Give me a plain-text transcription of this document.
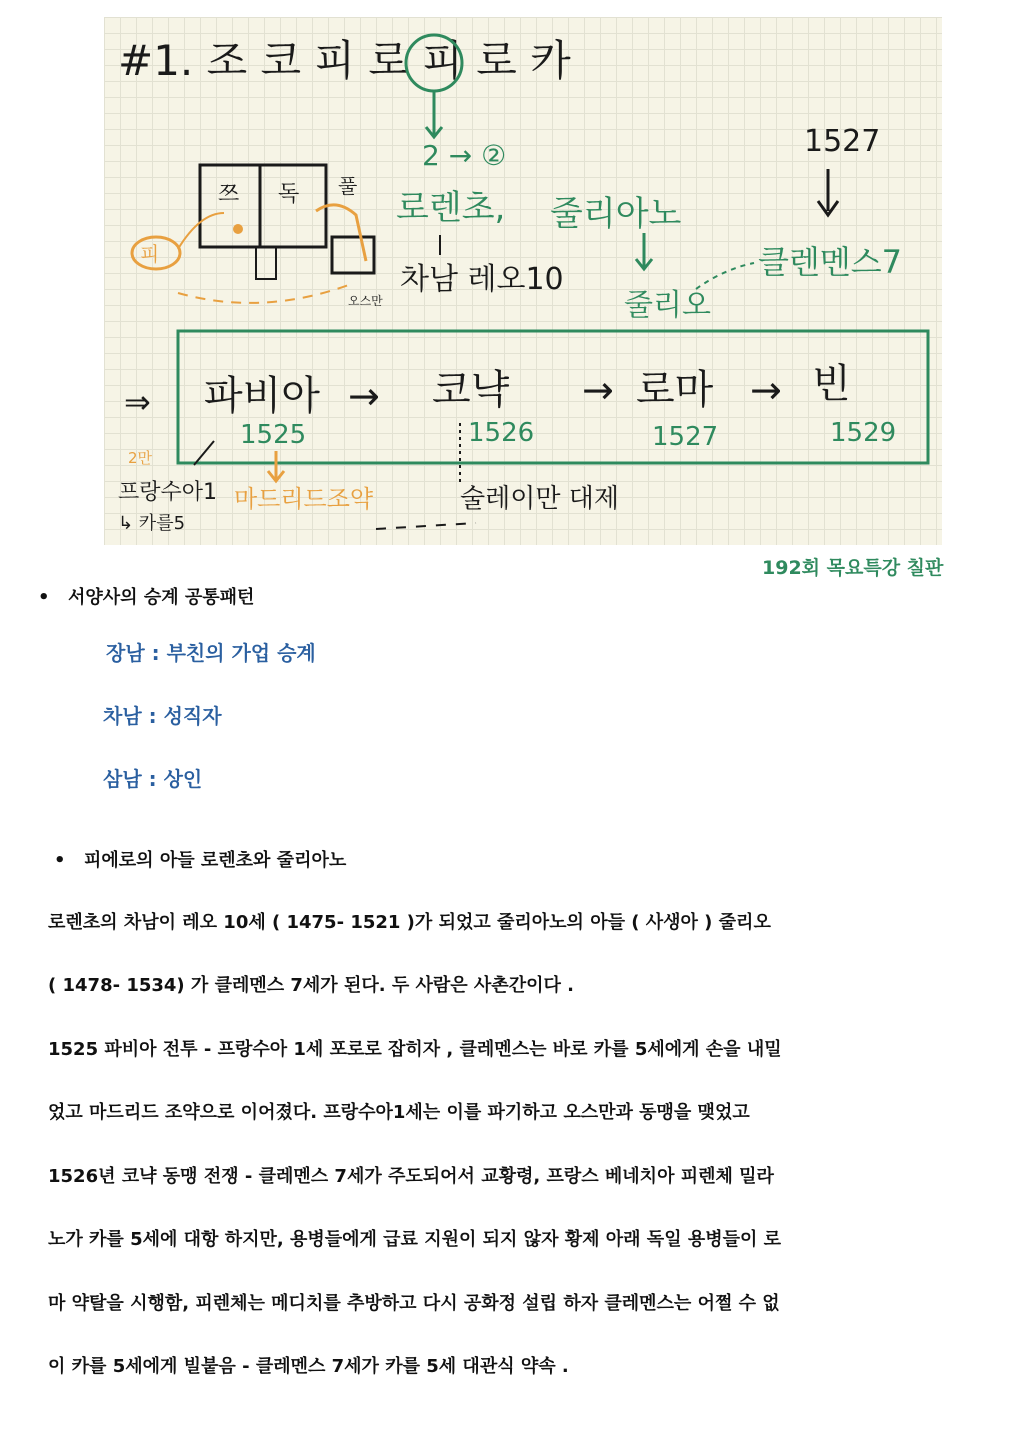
#1. 조 코 피 로 피 로 카
2 → ②
로렌초, 줄리아노
차남 레오10
줄리오
1527
클렌멘스7
쯔 독 풀
오스만
피
⇒ 파비아
1525
→ 코냑
1526
→ 로마
1527
→ 빈
1529
2만
프랑수아1
↳ 카를5
마드리드조약	술레이만 대제
192회 목요특강 칠판
• 서양사의 승계 공통패턴
장남 : 부친의 가업 승계
차남 : 성직자
삼남 : 상인
• 피에로의 아들 로렌초와 줄리아노
로렌초의 차남이 레오 10세 ( 1475- 1521 )가 되었고 줄리아노의 아들 ( 사생아 ) 줄리오
( 1478- 1534) 가 클레멘스 7세가 된다. 두 사람은 사촌간이다 .
1525 파비아 전투 - 프랑수아 1세 포로로 잡히자 , 클레멘스는 바로 카를 5세에게 손을 내밀
었고 마드리드 조약으로 이어졌다. 프랑수아1세는 이를 파기하고 오스만과 동맹을 맺었고
1526년 코냑 동맹 전쟁 - 클레멘스 7세가 주도되어서 교황령, 프랑스 베네치아 피렌체 밀라
노가 카를 5세에 대항 하지만, 용병들에게 급료 지원이 되지 않자 황제 아래 독일 용병들이 로
마 약탈을 시행함, 피렌체는 메디치를 추방하고 다시 공화정 설립 하자 클레멘스는 어쩔 수 없
이 카를 5세에게 빌붙음 - 클레멘스 7세가 카를 5세 대관식 약속 .
